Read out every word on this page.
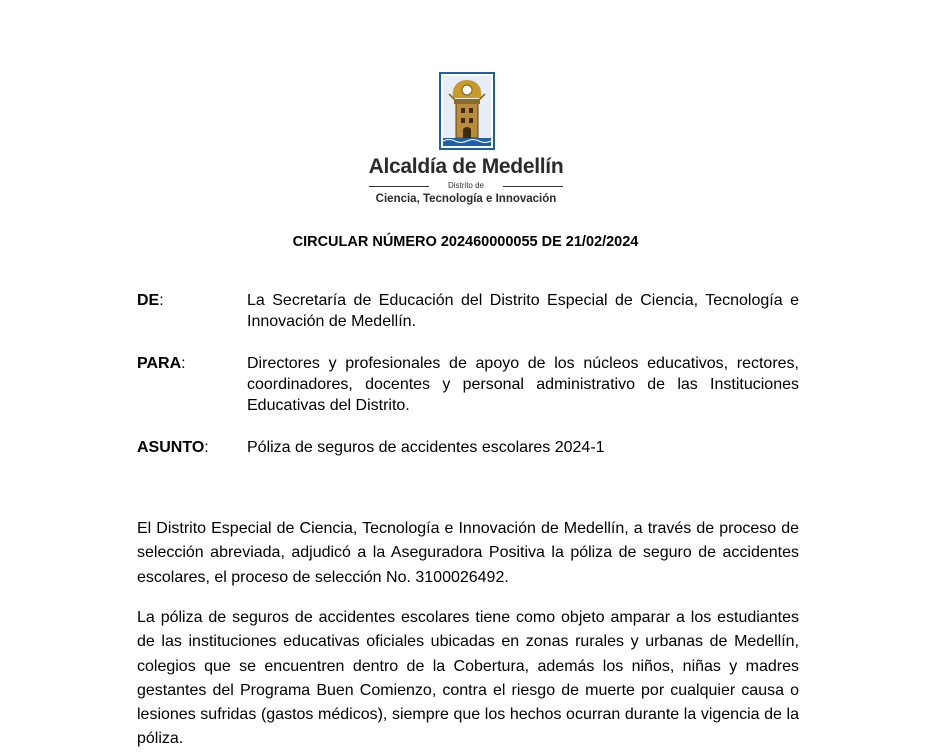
Alcaldía de Medellín
Distrito de
Ciencia, Tecnología e Innovación
CIRCULAR NÚMERO 202460000055 DE 21/02/2024
DE:	La Secretaría de Educación del Distrito Especial de Ciencia, Tecnología e Innovación de Medellín.
PARA:	Directores y profesionales de apoyo de los núcleos educativos, rectores, coordinadores, docentes y personal administrativo de las Instituciones Educativas del Distrito.
ASUNTO:	Póliza de seguros de accidentes escolares 2024-1
El Distrito Especial de Ciencia, Tecnología e Innovación de Medellín, a través de proceso de selección abreviada, adjudicó a la Aseguradora Positiva la póliza de seguro de accidentes escolares, el proceso de selección No. 3100026492.
La póliza de seguros de accidentes escolares tiene como objeto amparar a los estudiantes de las instituciones educativas oficiales ubicadas en zonas rurales y urbanas de Medellín, colegios que se encuentren dentro de la Cobertura, además los niños, niñas y madres gestantes del Programa Buen Comienzo, contra el riesgo de muerte por cualquier causa o lesiones sufridas (gastos médicos), siempre que los hechos ocurran durante la vigencia de la póliza.
